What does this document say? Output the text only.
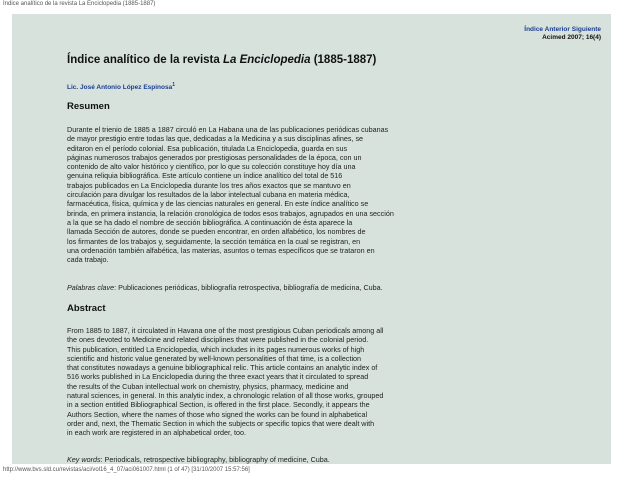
Índice analítico de la revista La Enciclopedia (1885-1887)
Índice Anterior Siguiente
Acimed 2007; 16(4)
Índice analítico de la revista La Enciclopedia (1885-1887)
Lic. José Antonio López Espinosa$^1$
Resumen
Durante el trienio de 1885 a 1887 circuló en La Habana una de las publicaciones periódicas cubanas
de mayor prestigio entre todas las que, dedicadas a la Medicina y a sus disciplinas afines, se
editaron en el período colonial. Esa publicación, titulada La Enciclopedia, guarda en sus
páginas numerosos trabajos generados por prestigiosas personalidades de la época, con un
contenido de alto valor histórico y científico, por lo que su colección constituye hoy día una
genuina reliquia bibliográfica. Este artículo contiene un índice analítico del total de 516
trabajos publicados en La Enciclopedia durante los tres años exactos que se mantuvo en
circulación para divulgar los resultados de la labor intelectual cubana en materia médica,
farmacéutica, física, química y de las ciencias naturales en general. En este índice analítico se
brinda, en primera instancia, la relación cronológica de todos esos trabajos, agrupados en una sección
a la que se ha dado el nombre de sección bibliográfica. A continuación de ésta aparece la
llamada Sección de autores, donde se pueden encontrar, en orden alfabético, los nombres de
los firmantes de los trabajos y, seguidamente, la sección temática en la cual se registran, en
una ordenación también alfabética, las materias, asuntos o temas específicos que se trataron en
cada trabajo.
Palabras clave: Publicaciones periódicas, bibliografía retrospectiva, bibliografía de medicina, Cuba.
Abstract
From 1885 to 1887, it circulated in Havana one of the most prestigious Cuban periodicals among all
the ones devoted to Medicine and related disciplines that were published in the colonial period.
This publication, entitled La Enciclopedia, which includes in its pages numerous works of high
scientific and historic value generated by well-known personalities of that time, is a collection
that constitutes nowadays a genuine bibliographical relic. This article contains an analytic index of
516 works published in La Enciclopedia during the three exact years that it circulated to spread
the results of the Cuban intellectual work on chemistry, physics, pharmacy, medicine and
natural sciences, in general. In this analytic index, a chronologic relation of all those works, grouped
in a section entitled Bibliographical Section, is offered in the first place. Secondly, it appears the
Authors Section, where the names of those who signed the works can be found in alphabetical
order and, next, the Thematic Section in which the subjects or specific topics that were dealt with
in each work are registered in an alphabetical order, too.
Key words: Periodicals, retrospective bibliography, bibliography of medicine, Cuba.
http://www.bvs.sld.cu/revistas/aci/vol16_4_07/aci061007.html (1 of 47) [31/10/2007 15:57:56]
